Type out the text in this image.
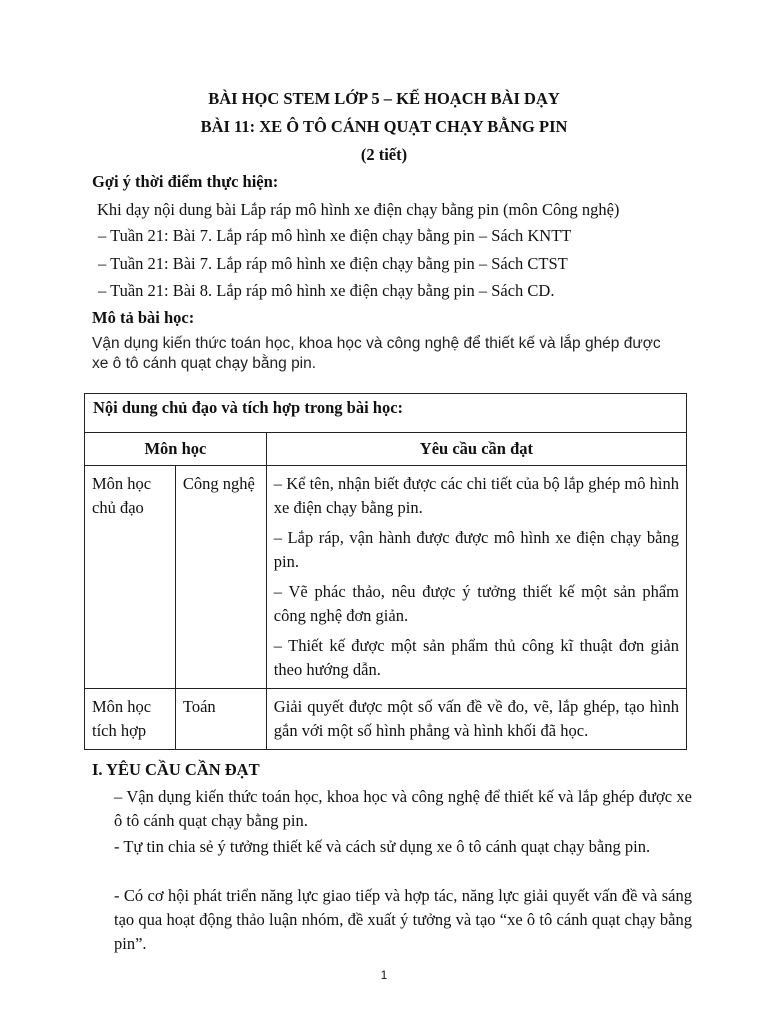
BÀI HỌC STEM LỚP 5 – KẾ HOẠCH BÀI DẠY
BÀI 11: XE Ô TÔ CÁNH QUẠT CHẠY BẰNG PIN
(2 tiết)
Gợi ý thời điểm thực hiện:
Khi dạy nội dung bài Lắp ráp mô hình xe điện chạy bằng pin (môn Công nghệ)
– Tuần 21: Bài 7. Lắp ráp mô hình xe điện chạy bằng pin – Sách KNTT
– Tuần 21: Bài 7. Lắp ráp mô hình xe điện chạy bằng pin – Sách CTST
– Tuần 21: Bài 8. Lắp ráp mô hình xe điện chạy bằng pin – Sách CD.
Mô tả bài học:
Vận dụng kiến thức toán học, khoa học và công nghệ để thiết kế và lắp ghép được
xe ô tô cánh quạt chạy bằng pin.
Nội dung chủ đạo và tích hợp trong bài học:		
Môn học		Yêu cầu cần đạt
Môn học chủ đạo	Công nghệ	– Kể tên, nhận biết được các chi tiết của bộ lắp ghép mô hình xe điện chạy bằng pin.

– Lắp ráp, vận hành được được mô hình xe điện chạy bằng pin.

– Vẽ phác thảo, nêu được ý tưởng thiết kế một sản phẩm công nghệ đơn giản.

– Thiết kế được một sản phẩm thủ công kĩ thuật đơn giản theo hướng dẫn.

Môn học tích hợp	Toán	Giải quyết được một số vấn đề về đo, vẽ, lắp ghép, tạo hình gắn với một số hình phẳng và hình khối đã học.

I. YÊU CẦU CẦN ĐẠT
– Vận dụng kiến thức toán học, khoa học và công nghệ để thiết kế và lắp ghép được xe ô tô cánh quạt chạy bằng pin.
- Tự tin chia sẻ ý tưởng thiết kế và cách sử dụng xe ô tô cánh quạt chạy bằng pin.
- Có cơ hội phát triển năng lực giao tiếp và hợp tác, năng lực giải quyết vấn đề và sáng tạo qua hoạt động thảo luận nhóm, đề xuất ý tưởng và tạo “xe ô tô cánh quạt chạy bằng pin”.
1
